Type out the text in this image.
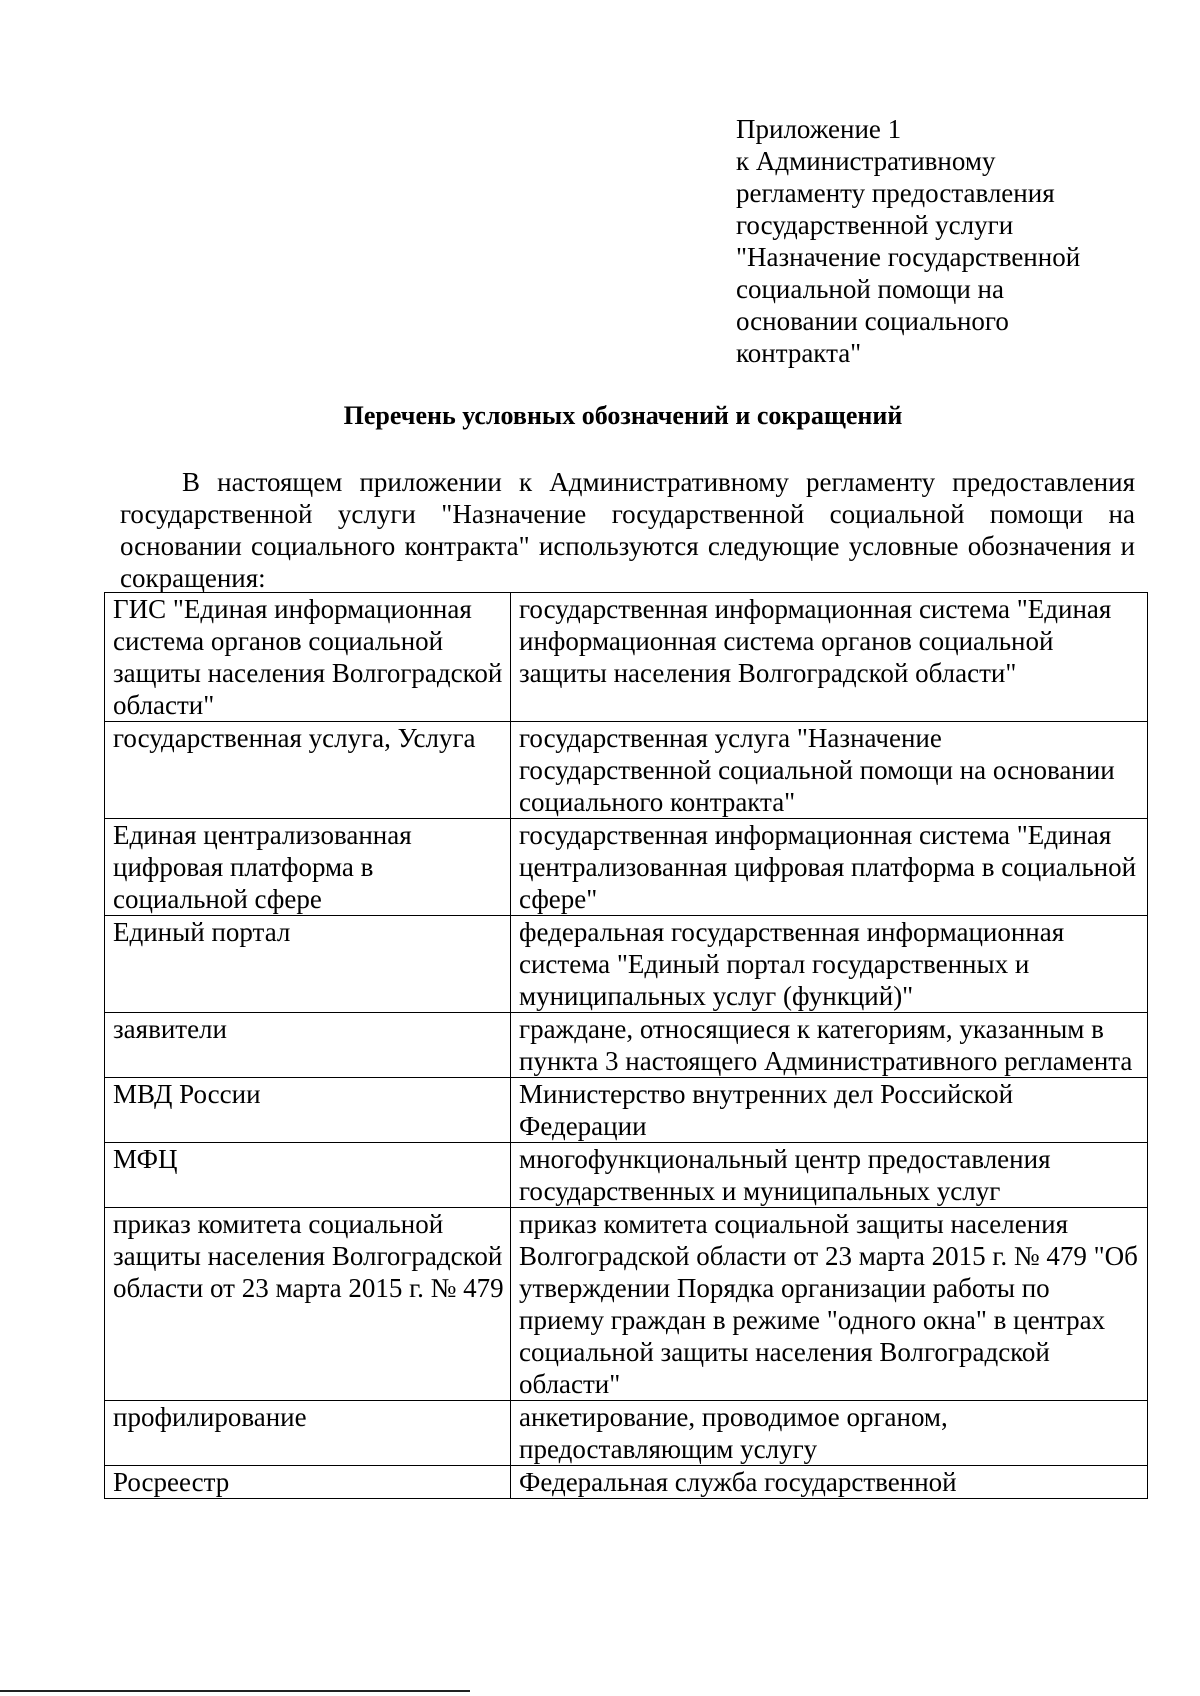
Приложение 1
к Административному
регламенту предоставления
государственной услуги
"Назначение государственной
социальной помощи на
основании социального
контракта"
Перечень условных обозначений и сокращений

В настоящем приложении к Административному регламенту предоставления государственной услуги "Назначение государственной социальной помощи на основании социального контракта" используются следующие условные обозначения и сокращения:

ГИС "Единая информационная система органов социальной защиты населения Волгоградской области"	государственная информационная система "Единая информационная система органов социальной защиты населения Волгоградской области"
государственная услуга, Услуга	государственная услуга "Назначение государственной социальной помощи на основании социального контракта"
Единая централизованная цифровая платформа в социальной сфере	государственная информационная система "Единая централизованная цифровая платформа в социальной сфере"
Единый портал	федеральная государственная информационная система "Единый портал государственных и муниципальных услуг (функций)"
заявители	граждане, относящиеся к категориям, указанным в пункта 3 настоящего Административного регламента
МВД России	Министерство внутренних дел Российской Федерации
МФЦ	многофункциональный центр предоставления государственных и муниципальных услуг
приказ комитета социальной защиты населения Волгоградской области от 23 марта 2015 г. № 479	приказ комитета социальной защиты населения Волгоградской области от 23 марта 2015 г. № 479 "Об утверждении Порядка организации работы по приему граждан в режиме "одного окна" в центрах социальной защиты населения Волгоградской области"
профилирование	анкетирование, проводимое органом, предоставляющим услугу
Росреестр	Федеральная служба государственной
